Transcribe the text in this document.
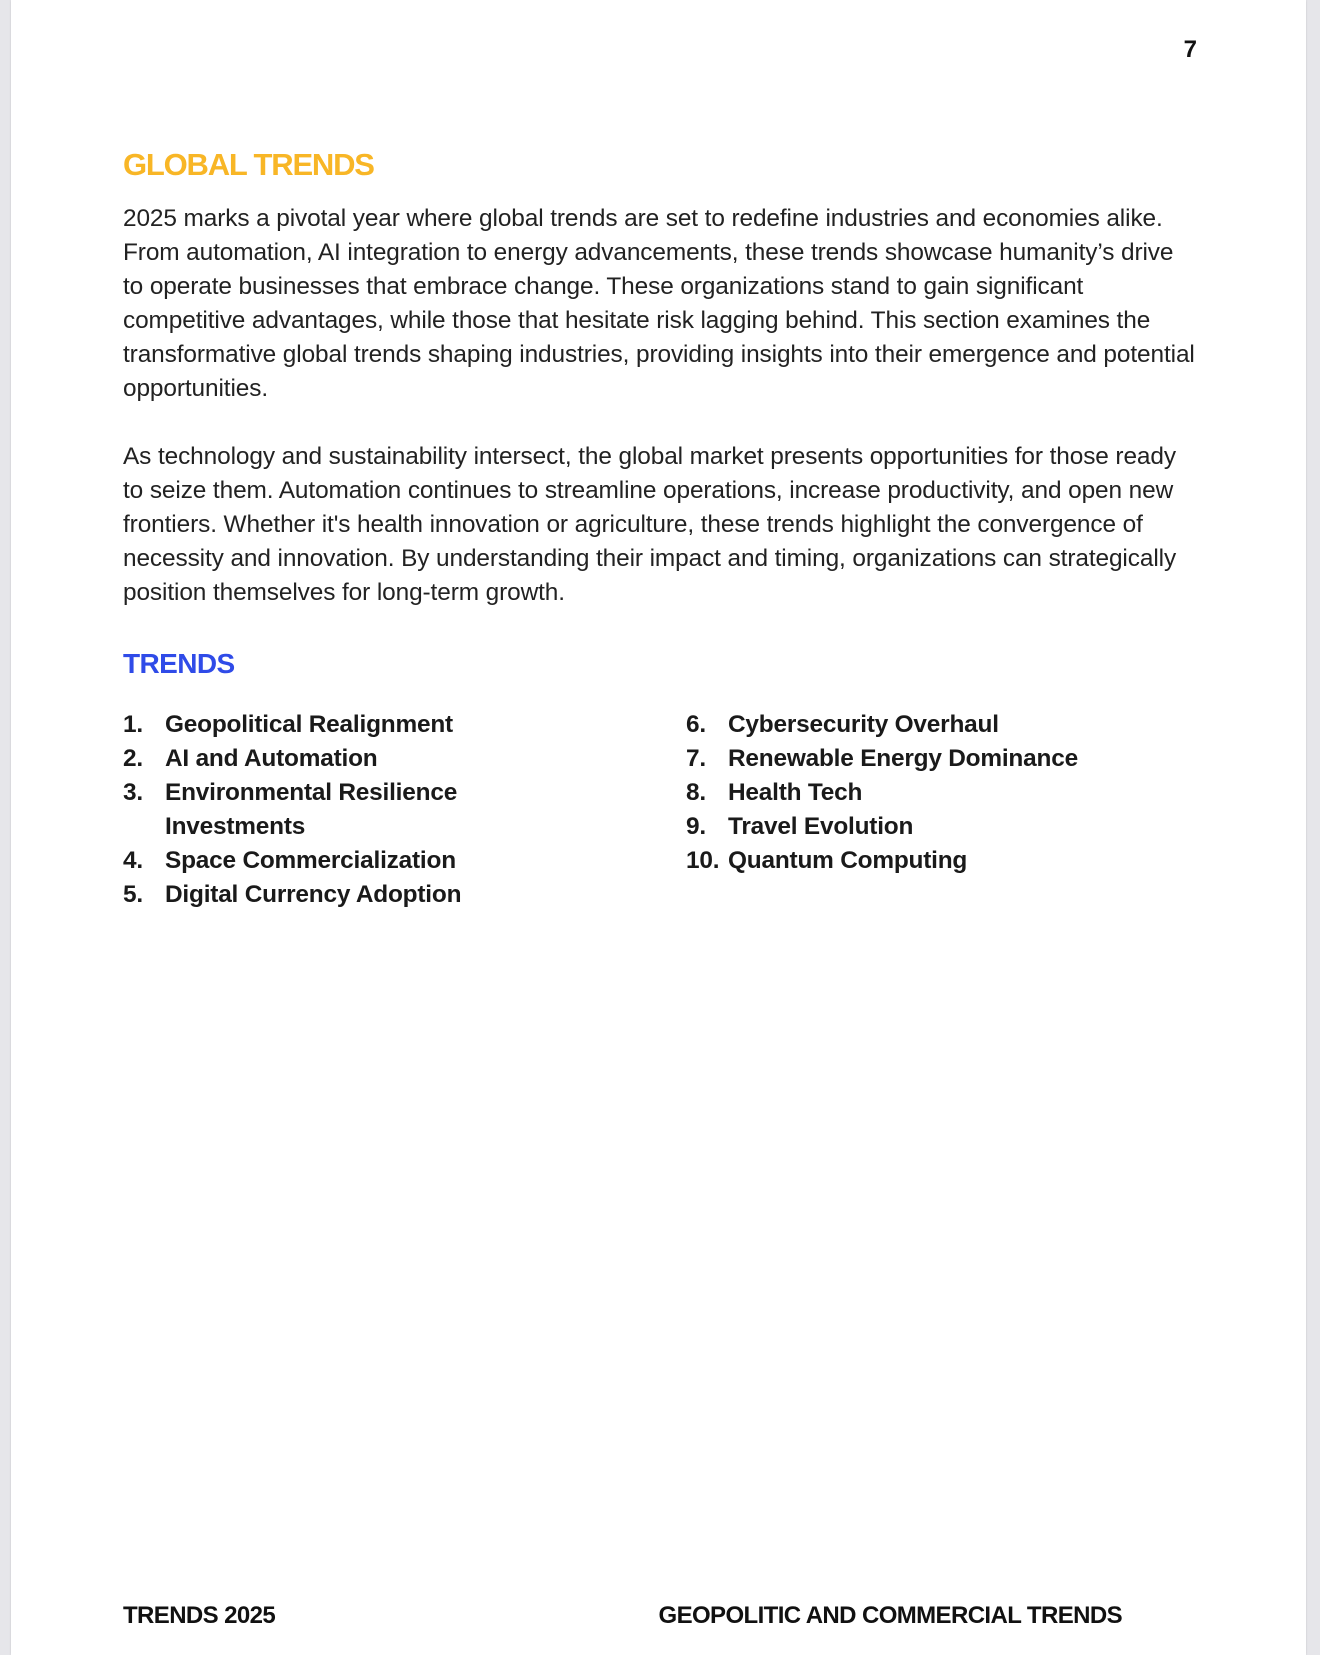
7
GLOBAL TRENDS

2025 marks a pivotal year where global trends are set to redefine industries and economies alike. From automation, AI integration to energy advancements, these trends showcase humanity’s drive to operate businesses that embrace change. These organizations stand to gain significant competitive advantages, while those that hesitate risk lagging behind. This section examines the transformative global trends shaping industries, providing insights into their emergence and potential opportunities.

As technology and sustainability intersect, the global market presents opportunities for those ready to seize them. Automation continues to streamline operations, increase productivity, and open new frontiers. Whether it's health innovation or agriculture, these trends highlight the convergence of necessity and innovation. By understanding their impact and timing, organizations can strategically position themselves for long-term growth.

TRENDS
1. Geopolitical Realignment
2. AI and Automation
3. Environmental Resilience Investments
4. Space Commercialization
5. Digital Currency Adoption
6. Cybersecurity Overhaul
7. Renewable Energy Dominance
8. Health Tech
9. Travel Evolution
10. Quantum Computing
TRENDS 2025	GEOPOLITIC AND COMMERCIAL TRENDS
